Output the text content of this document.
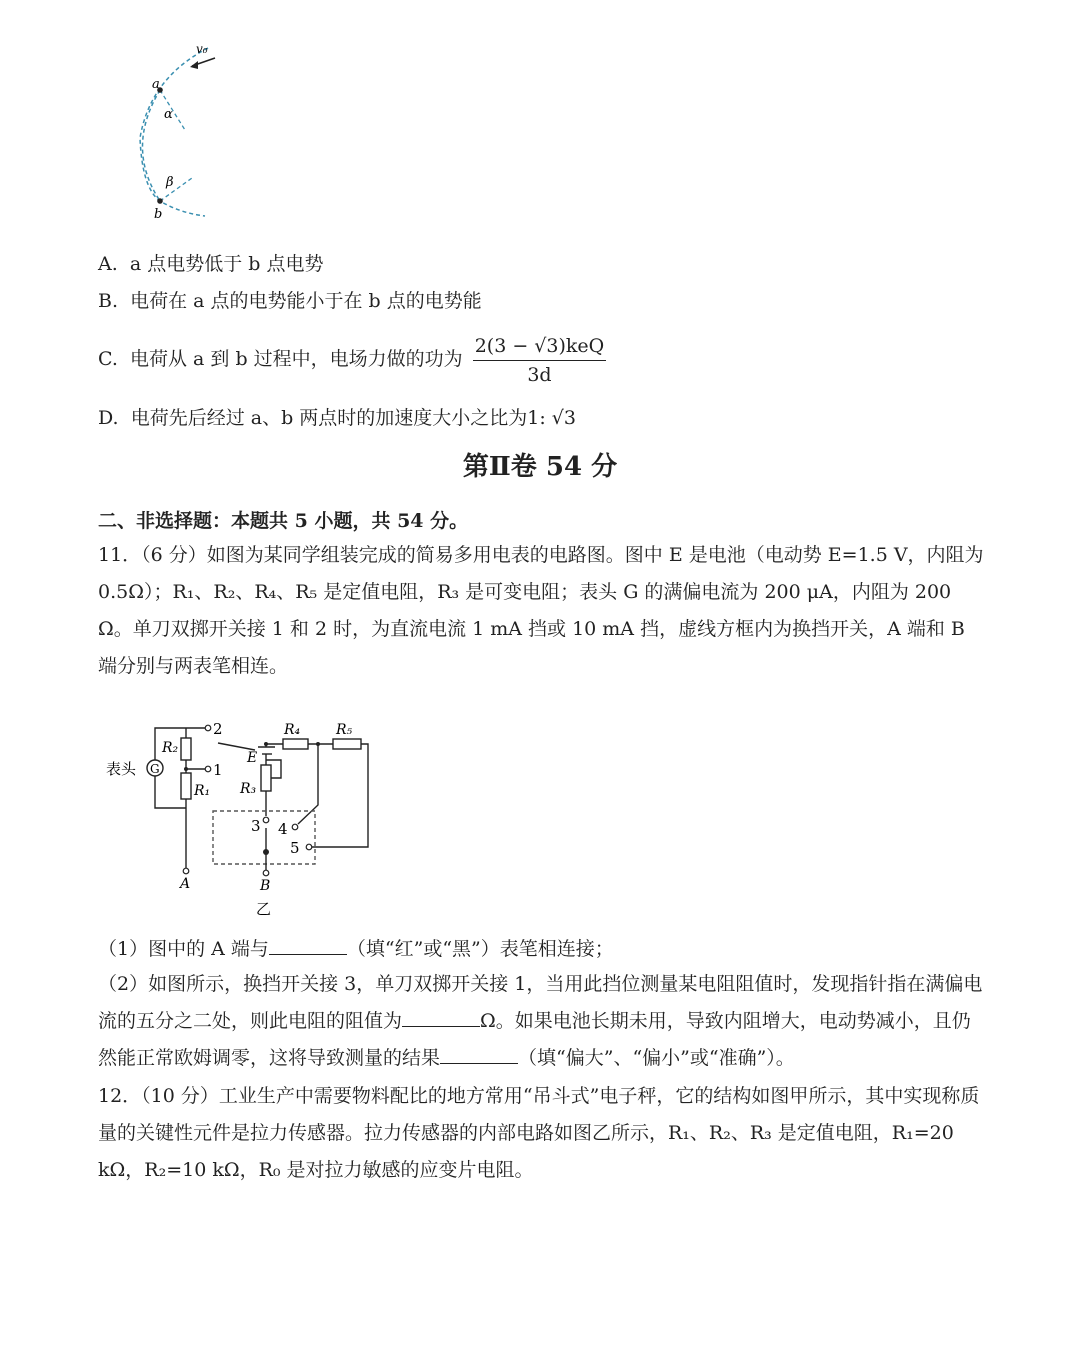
v₀
a
α
β
b
A. a 点电势低于 b 点电势
B. 电荷在 a 点的电势能小于在 b 点的电势能
C. 电荷从 a 到 b 过程中，电场力做的功为 $\frac{\text{2(3 − √3)keQ}}{3d}$
D. 电荷先后经过 a、b 两点时的加速度大小之比为1: √3
第Ⅱ卷 54 分
二、非选择题：本题共 5 小题，共 54 分。
11．（6 分）如图为某同学组装完成的简易多用电表的电路图。图中 E 是电池（电动势 E=1.5 V，内阻为 0.5Ω）；R₁、R₂、R₄、R₅ 是定值电阻，R₃ 是可变电阻；表头 G 的满偏电流为 200 μA，内阻为 200 Ω。单刀双掷开关接 1 和 2 时，为直流电流 1 mA 挡或 10 mA 挡，虚线方框内为换挡开关，A 端和 B 端分别与两表笔相连。
G
表头
R₂
R₁
2
1
E
R₄	R₅
R₃
3 4
5
A	B
乙
（1）图中的 A 端与	（填“红”或“黑”）表笔相连接；
（2）如图所示，换挡开关接 3，单刀双掷开关接 1，当用此挡位测量某电阻阻值时，发现指针指在满偏电流的五分之二处，则此电阻的阻值为	Ω。如果电池长期未用，导致内阻增大，电动势减小，且仍然能正常欧姆调零，这将导致测量的结果	（填“偏大”、“偏小”或“准确”）。
12．（10 分）工业生产中需要物料配比的地方常用“吊斗式”电子秤，它的结构如图甲所示，其中实现称质量的关键性元件是拉力传感器。拉力传感器的内部电路如图乙所示，R₁、R₂、R₃ 是定值电阻，R₁=20 kΩ，R₂=10 kΩ，R₀ 是对拉力敏感的应变片电阻。
